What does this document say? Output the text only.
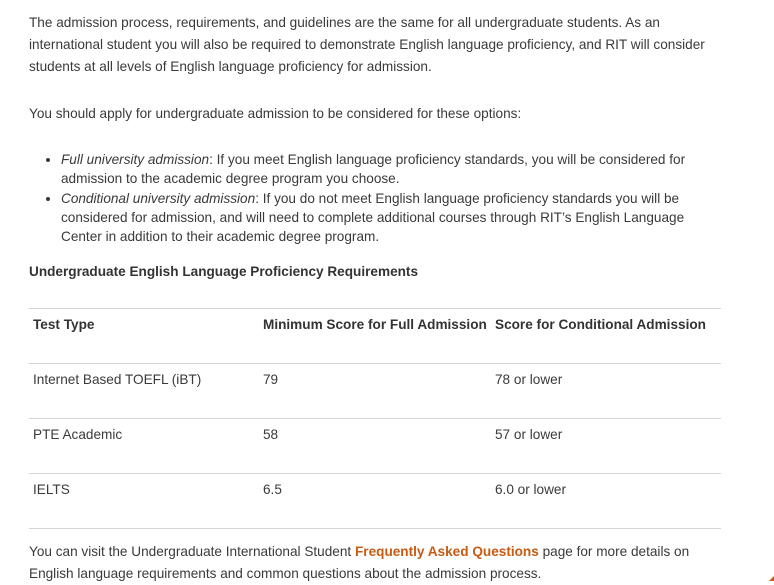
The admission process, requirements, and guidelines are the same for all undergraduate students. As an international student you will also be required to demonstrate English language proficiency, and RIT will consider students at all levels of English language proficiency for admission.

You should apply for undergraduate admission to be considered for these options:

• Full university admission: If you meet English language proficiency standards, you will be considered for admission to the academic degree program you choose.
• Conditional university admission: If you do not meet English language proficiency standards you will be considered for admission, and will need to complete additional courses through RIT’s English Language Center in addition to their academic degree program.

Undergraduate English Language Proficiency Requirements

Test Type	Minimum Score for Full Admission	Score for Conditional Admission
Internet Based TOEFL (iBT)	79	78 or lower
PTE Academic	58	57 or lower
IELTS	6.5	6.0 or lower

You can visit the Undergraduate International Student Frequently Asked Questions page for more details on English language requirements and common questions about the admission process.
